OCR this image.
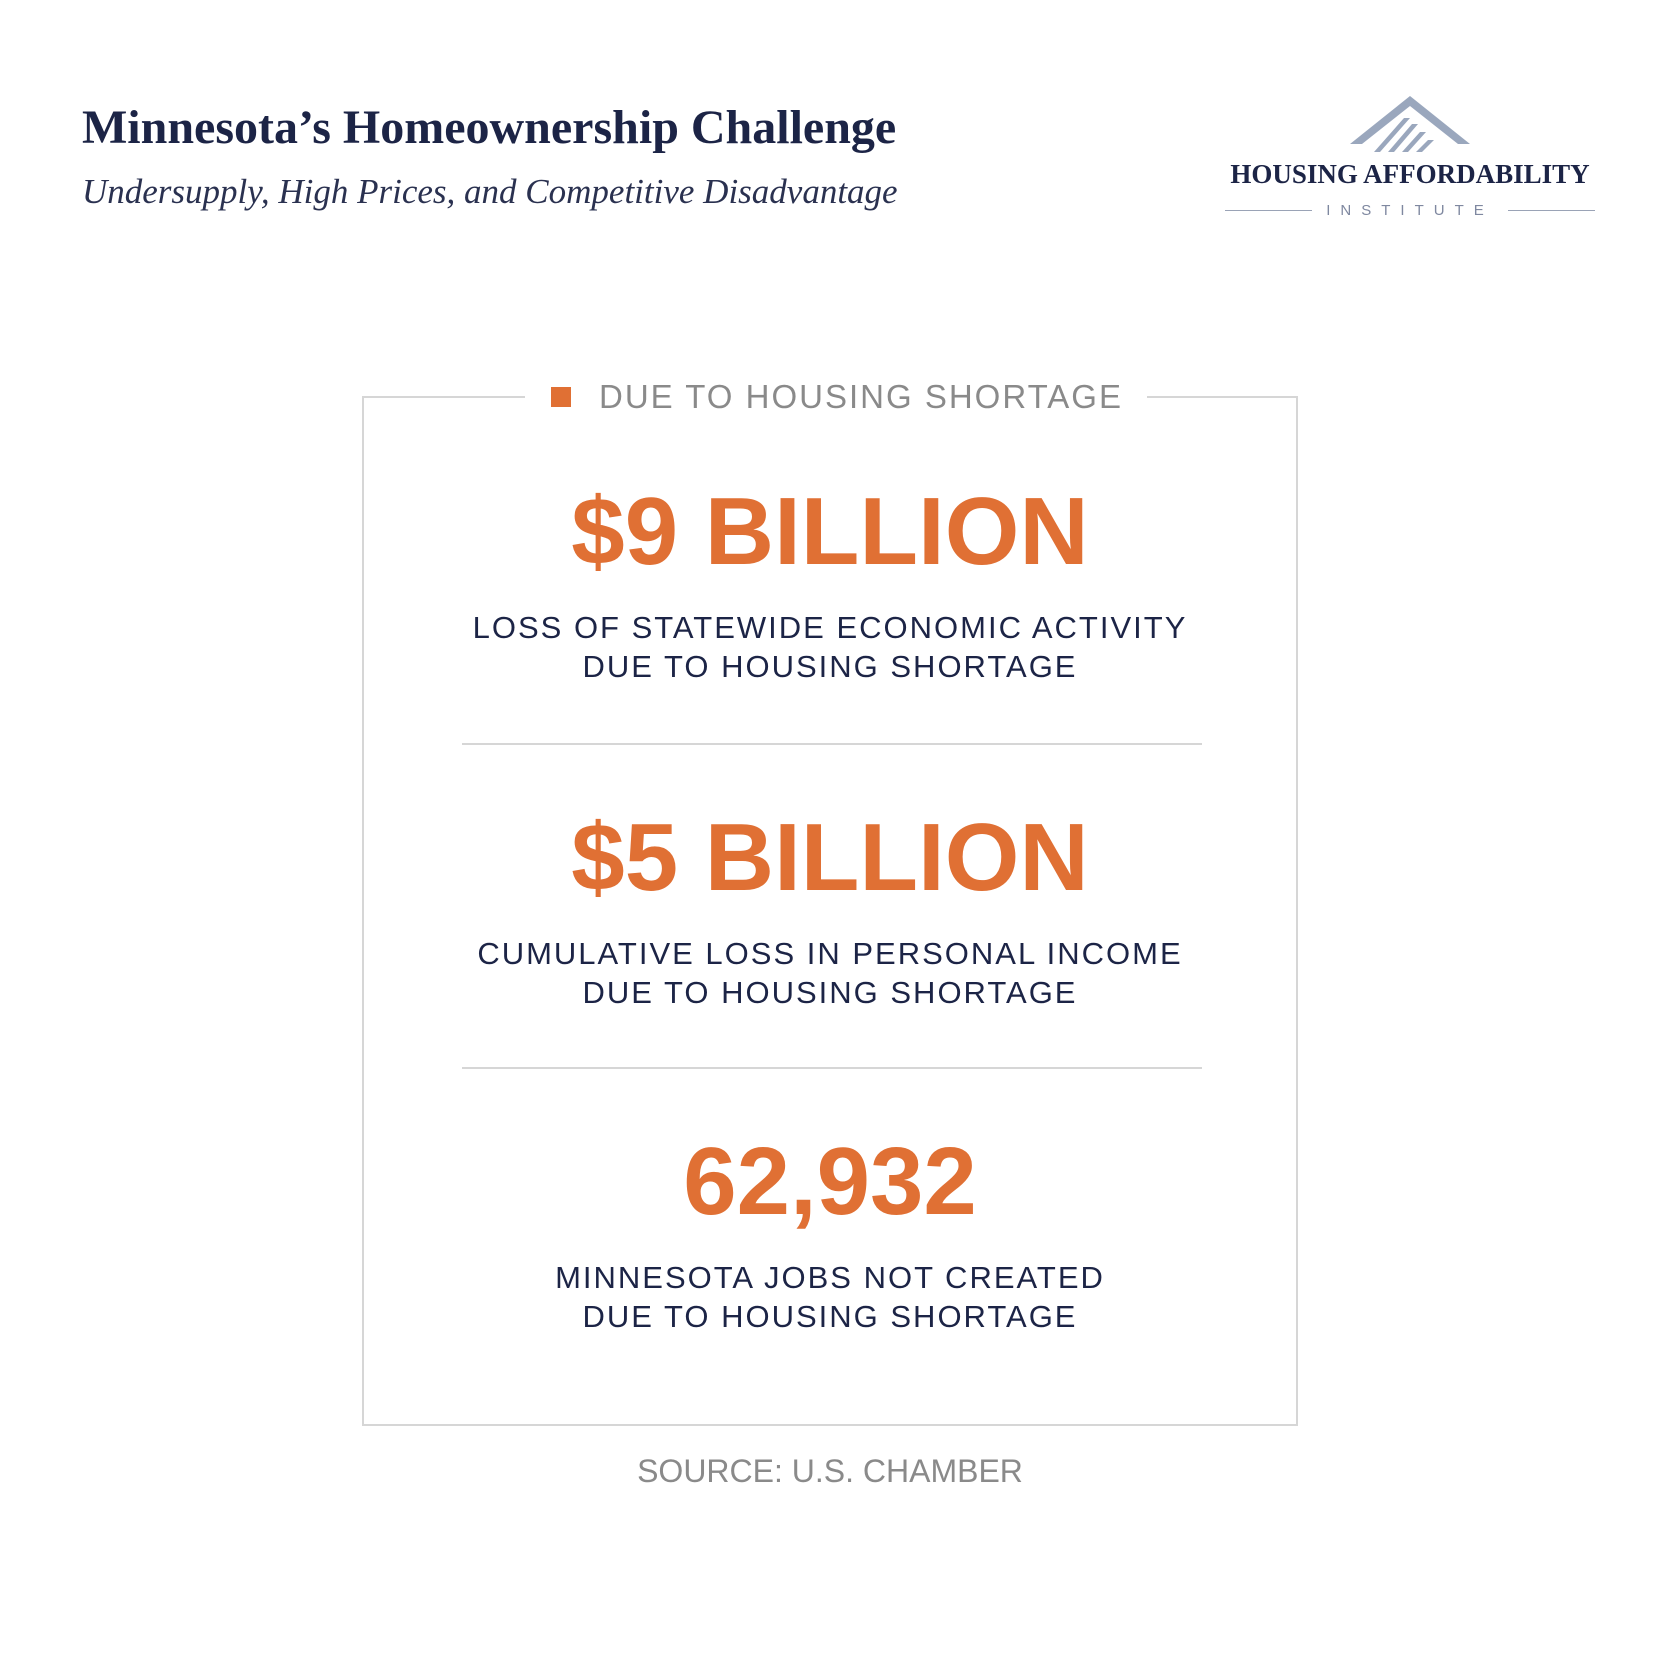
Minnesota’s Homeownership Challenge
Undersupply, High Prices, and Competitive Disadvantage	HOUSING AFFORDABILITY
INSTITUTE
DUE TO HOUSING SHORTAGE
$9 BILLION
LOSS OF STATEWIDE ECONOMIC ACTIVITY
DUE TO HOUSING SHORTAGE
$5 BILLION
CUMULATIVE LOSS IN PERSONAL INCOME
DUE TO HOUSING SHORTAGE
62,932
MINNESOTA JOBS NOT CREATED
DUE TO HOUSING SHORTAGE
SOURCE: U.S. CHAMBER
